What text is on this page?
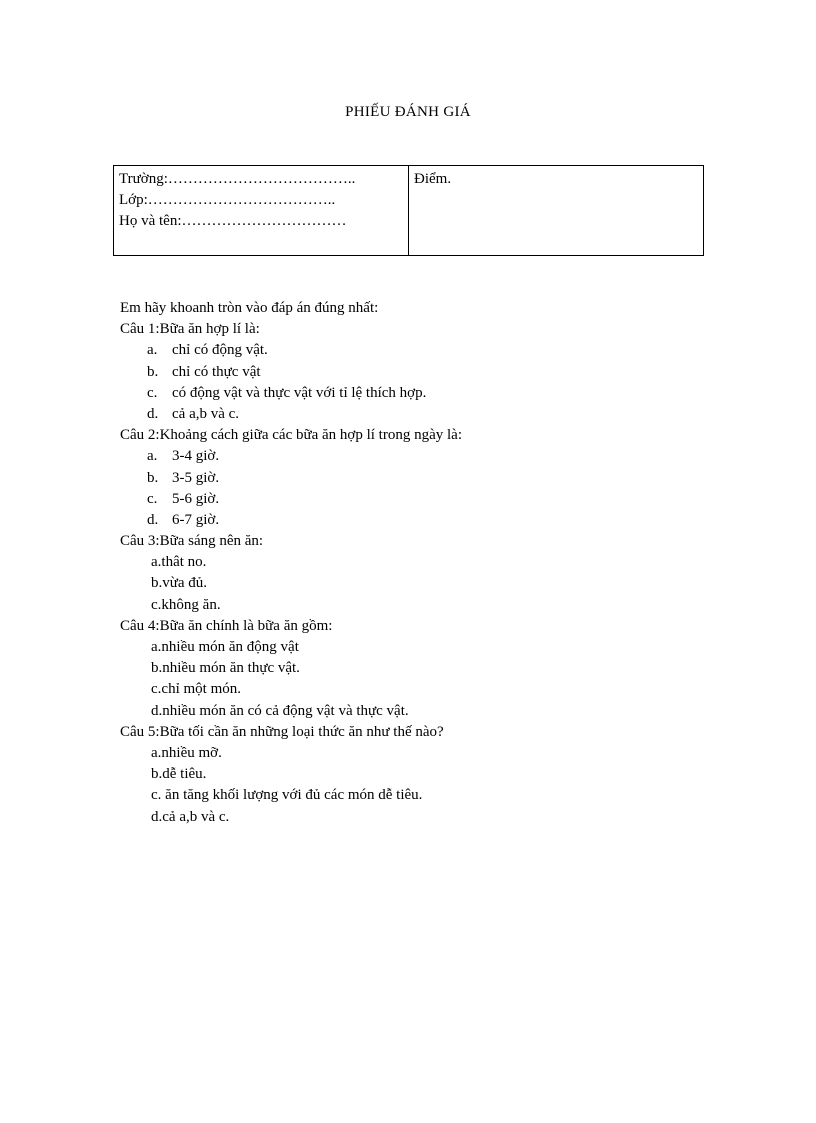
PHIẾU ĐÁNH GIÁ
Trường:………………………………..
Lớp:………………………………..
Họ và tên:……………………………
Điểm.
Em hãy khoanh tròn vào đáp án đúng nhất:
Câu 1:Bữa ăn hợp lí là:
a. chỉ có động vật.
b. chỉ có thực vật
c. có động vật và thực vật với tỉ lệ thích hợp.
d. cả a,b và c.
Câu 2:Khoảng cách giữa các bữa ăn hợp lí trong ngày là:
a. 3-4 giờ.
b. 3-5 giờ.
c. 5-6 giờ.
d. 6-7 giờ.
Câu 3:Bữa sáng nên ăn:
a.thât no.
b.vừa đủ.
c.không ăn.
Câu 4:Bữa ăn chính là bữa ăn gồm:
a.nhiều món ăn động vật
b.nhiều món ăn thực vật.
c.chỉ một món.
d.nhiều món ăn có cả động vật và thực vật.
Câu 5:Bữa tối cần ăn những loại thức ăn như thế nào?
a.nhiều mỡ.
b.dễ tiêu.
c. ăn tăng khối lượng với đủ các món dễ tiêu.
d.cả a,b và c.
